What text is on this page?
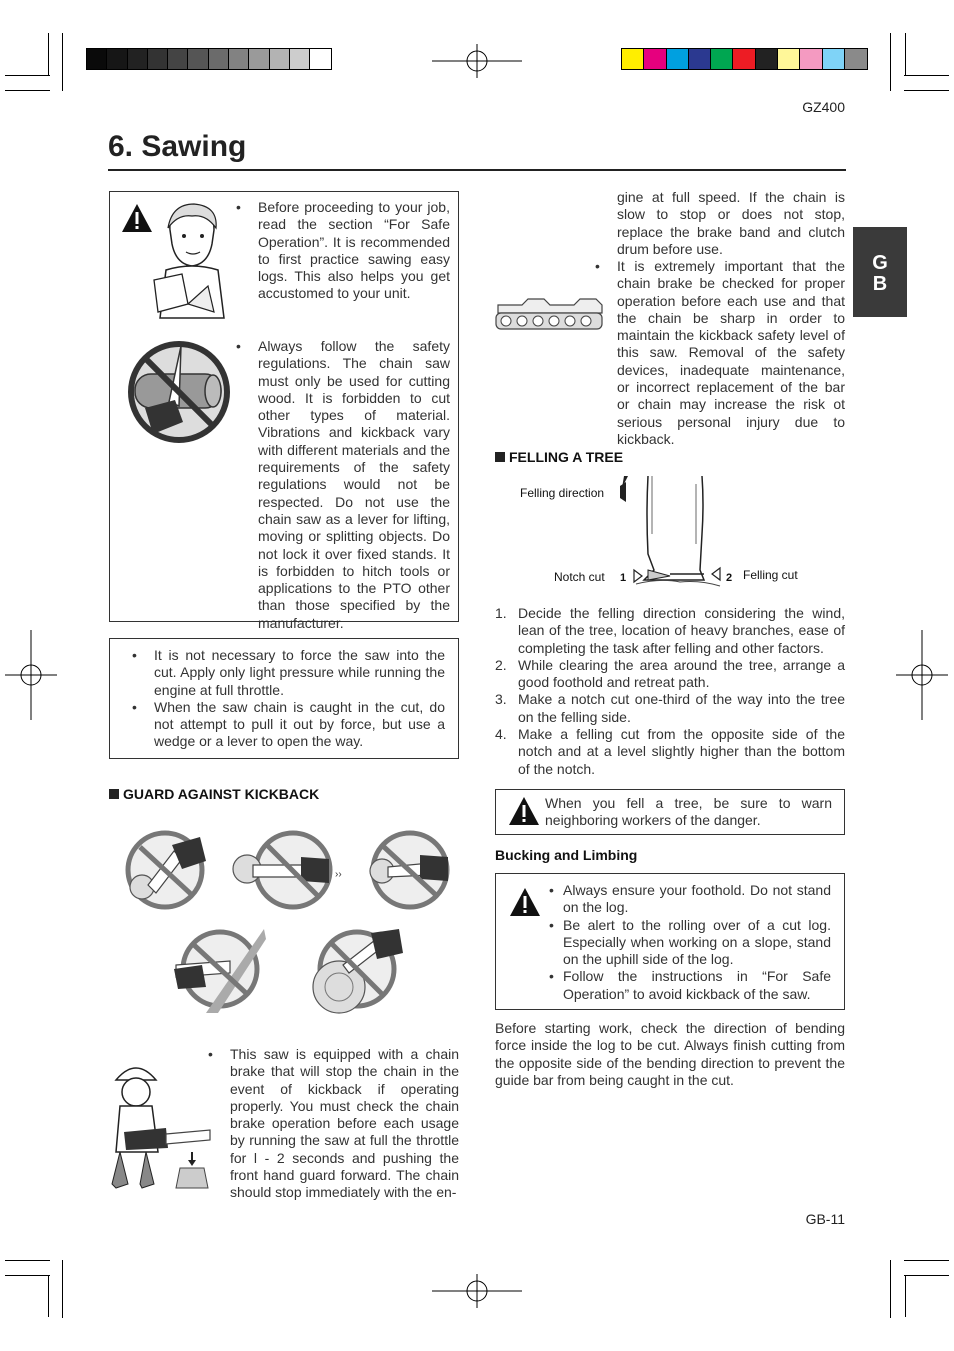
GZ400
6. Sawing
G
B
• Before proceeding to your job, read the section “For Safe Operation”. It is recommended to first practice sawing easy logs. This also helps you get accustomed to your unit.
• Always follow the safety regulations. The chain saw must only be used for cutting wood. It is forbidden to cut other types of material. Vibrations and kickback vary with different materials and the requirements of the safety regulations would not be respected. Do not use the chain saw as a lever for lifting, moving or splitting objects. Do not lock it over fixed stands. It is forbidden to hitch tools or applications to the PTO other than those specified by the manufacturer.
• It is not necessary to force the saw into the cut. Apply only light pressure while running the engine at full throttle.
• When the saw chain is caught in the cut, do not attempt to pull it out by force, but use a wedge or a lever to open the way.
GUARD AGAINST KICKBACK
››
• This saw is equipped with a chain brake that will stop the chain in the event of kickback if operating properly. You must check the chain brake operation before each usage by running the saw at full the throttle for l - 2 seconds and pushing the front hand guard forward. The chain should stop immediately with the en-

gine at full speed. If the chain is slow to stop or does not stop, replace the brake band and clutch drum before use.

• It is extremely important that the chain brake be checked for proper operation before each use and that the chain be sharp in order to maintain the kickback safety level of this saw. Removal of the safety devices, inadequate maintenance, or incorrect replacement of the bar or chain may increase the risk ot serious personal injury due to kickback.
FELLING A TREE
Felling direction
Notch cut	Felling cut
1	2
1. Decide the felling direction considering the wind, lean of the tree, location of heavy branches, ease of completing the task after felling and other factors.
2. While clearing the area around the tree, arrange a good foothold and retreat path.
3. Make a notch cut one-third of the way into the tree on the felling side.
4. Make a felling cut from the opposite side of the notch and at a level slightly higher than the bottom of the notch.

When you fell a tree, be sure to warn neighboring workers of the danger.

Bucking and Limbing
• Always ensure your foothold. Do not stand on the log.
• Be alert to the rolling over of a cut log. Especially when working on a slope, stand on the uphill side of the log.
• Follow the instructions in “For Safe Operation” to avoid kickback of the saw.

Before starting work, check the direction of bending force inside the log to be cut. Always finish cutting from the opposite side of the bending direction to prevent the guide bar from being caught in the cut.

GB-11
